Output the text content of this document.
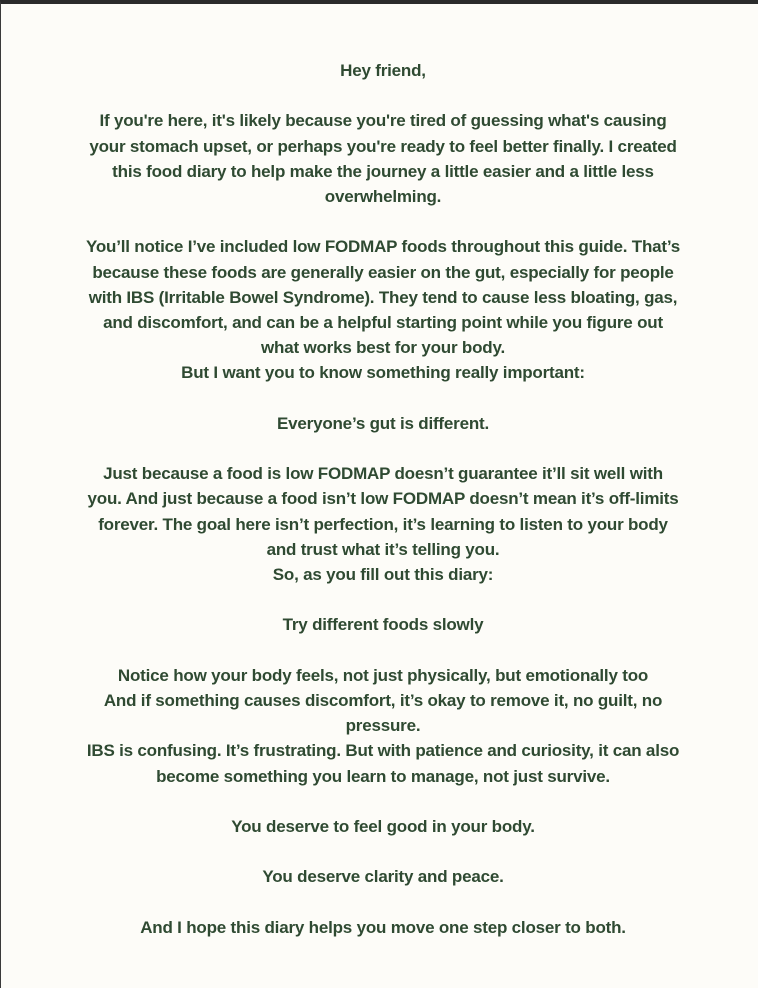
Hey friend,

If you're here, it's likely because you're tired of guessing what's causing your stomach upset, or perhaps you're ready to feel better finally. I created this food diary to help make the journey a little easier and a little less overwhelming.

You’ll notice I’ve included low FODMAP foods throughout this guide. That’s because these foods are generally easier on the gut, especially for people with IBS (Irritable Bowel Syndrome). They tend to cause less bloating, gas, and discomfort, and can be a helpful starting point while you figure out what works best for your body.

But I want you to know something really important:

Everyone’s gut is different.

Just because a food is low FODMAP doesn’t guarantee it’ll sit well with you. And just because a food isn’t low FODMAP doesn’t mean it’s off-limits forever. The goal here isn’t perfection, it’s learning to listen to your body and trust what it’s telling you.

So, as you fill out this diary:

Try different foods slowly

Notice how your body feels, not just physically, but emotionally too

And if something causes discomfort, it’s okay to remove it, no guilt, no pressure.

IBS is confusing. It’s frustrating. But with patience and curiosity, it can also become something you learn to manage, not just survive.

You deserve to feel good in your body.

You deserve clarity and peace.

And I hope this diary helps you move one step closer to both.
